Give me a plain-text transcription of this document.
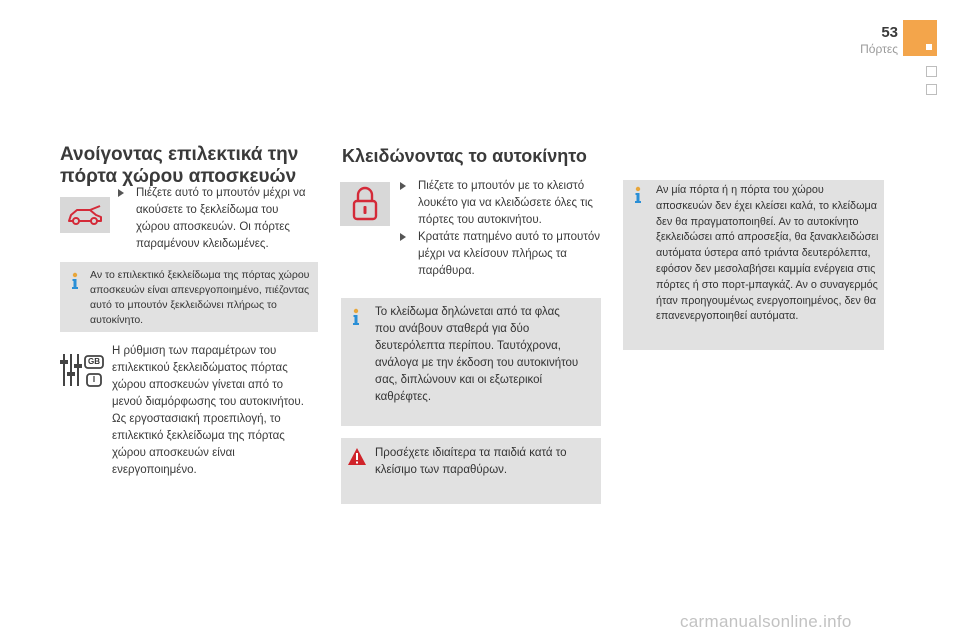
53
Πόρτες
Ανοίγοντας επιλεκτικά την
πόρτα χώρου αποσκευών
Πιέζετε αυτό το μπουτόν μέχρι να ακούσετε το ξεκλείδωμα του χώρου αποσκευών. Οι πόρτες παραμένουν κλειδωμένες.
Αν το επιλεκτικό ξεκλείδωμα της πόρτας χώρου αποσκευών είναι απενεργοποιημένο, πιέζοντας αυτό το μπουτόν ξεκλειδώνει πλήρως το αυτοκίνητο.
GB
I
Η ρύθμιση των παραμέτρων του επιλεκτικού ξεκλειδώματος πόρτας χώρου αποσκευών γίνεται από το μενού διαμόρφωσης του αυτοκινήτου. Ως εργοστασιακή προεπιλογή, το επιλεκτικό ξεκλείδωμα της πόρτας χώρου αποσκευών είναι ενεργοποιημένο.
Κλειδώνοντας το αυτοκίνητο
Πιέζετε το μπουτόν με το κλειστό λουκέτο για να κλειδώσετε όλες τις πόρτες του αυτοκινήτου.
Κρατάτε πατημένο αυτό το μπουτόν μέχρι να κλείσουν πλήρως τα παράθυρα.
Το κλείδωμα δηλώνεται από τα φλας που ανάβουν σταθερά για δύο δευτερόλεπτα περίπου. Ταυτόχρονα, ανάλογα με την έκδοση του αυτοκινήτου σας, διπλώνουν και οι εξωτερικοί καθρέφτες.
Προσέχετε ιδιαίτερα τα παιδιά κατά το κλείσιμο των παραθύρων.
Αν μία πόρτα ή η πόρτα του χώρου αποσκευών δεν έχει κλείσει καλά, το κλείδωμα δεν θα πραγματοποιηθεί. Αν το αυτοκίνητο ξεκλειδώσει από απροσεξία, θα ξανακλειδώσει αυτόματα ύστερα από τριάντα δευτερόλεπτα, εφόσον δεν μεσολαβήσει καμμία ενέργεια στις πόρτες ή στο πορτ-μπαγκάζ. Αν ο συναγερμός ήταν προηγουμένως ενεργοποιημένος, δεν θα επανενεργοποιηθεί αυτόματα.
carmanualsonline.info
